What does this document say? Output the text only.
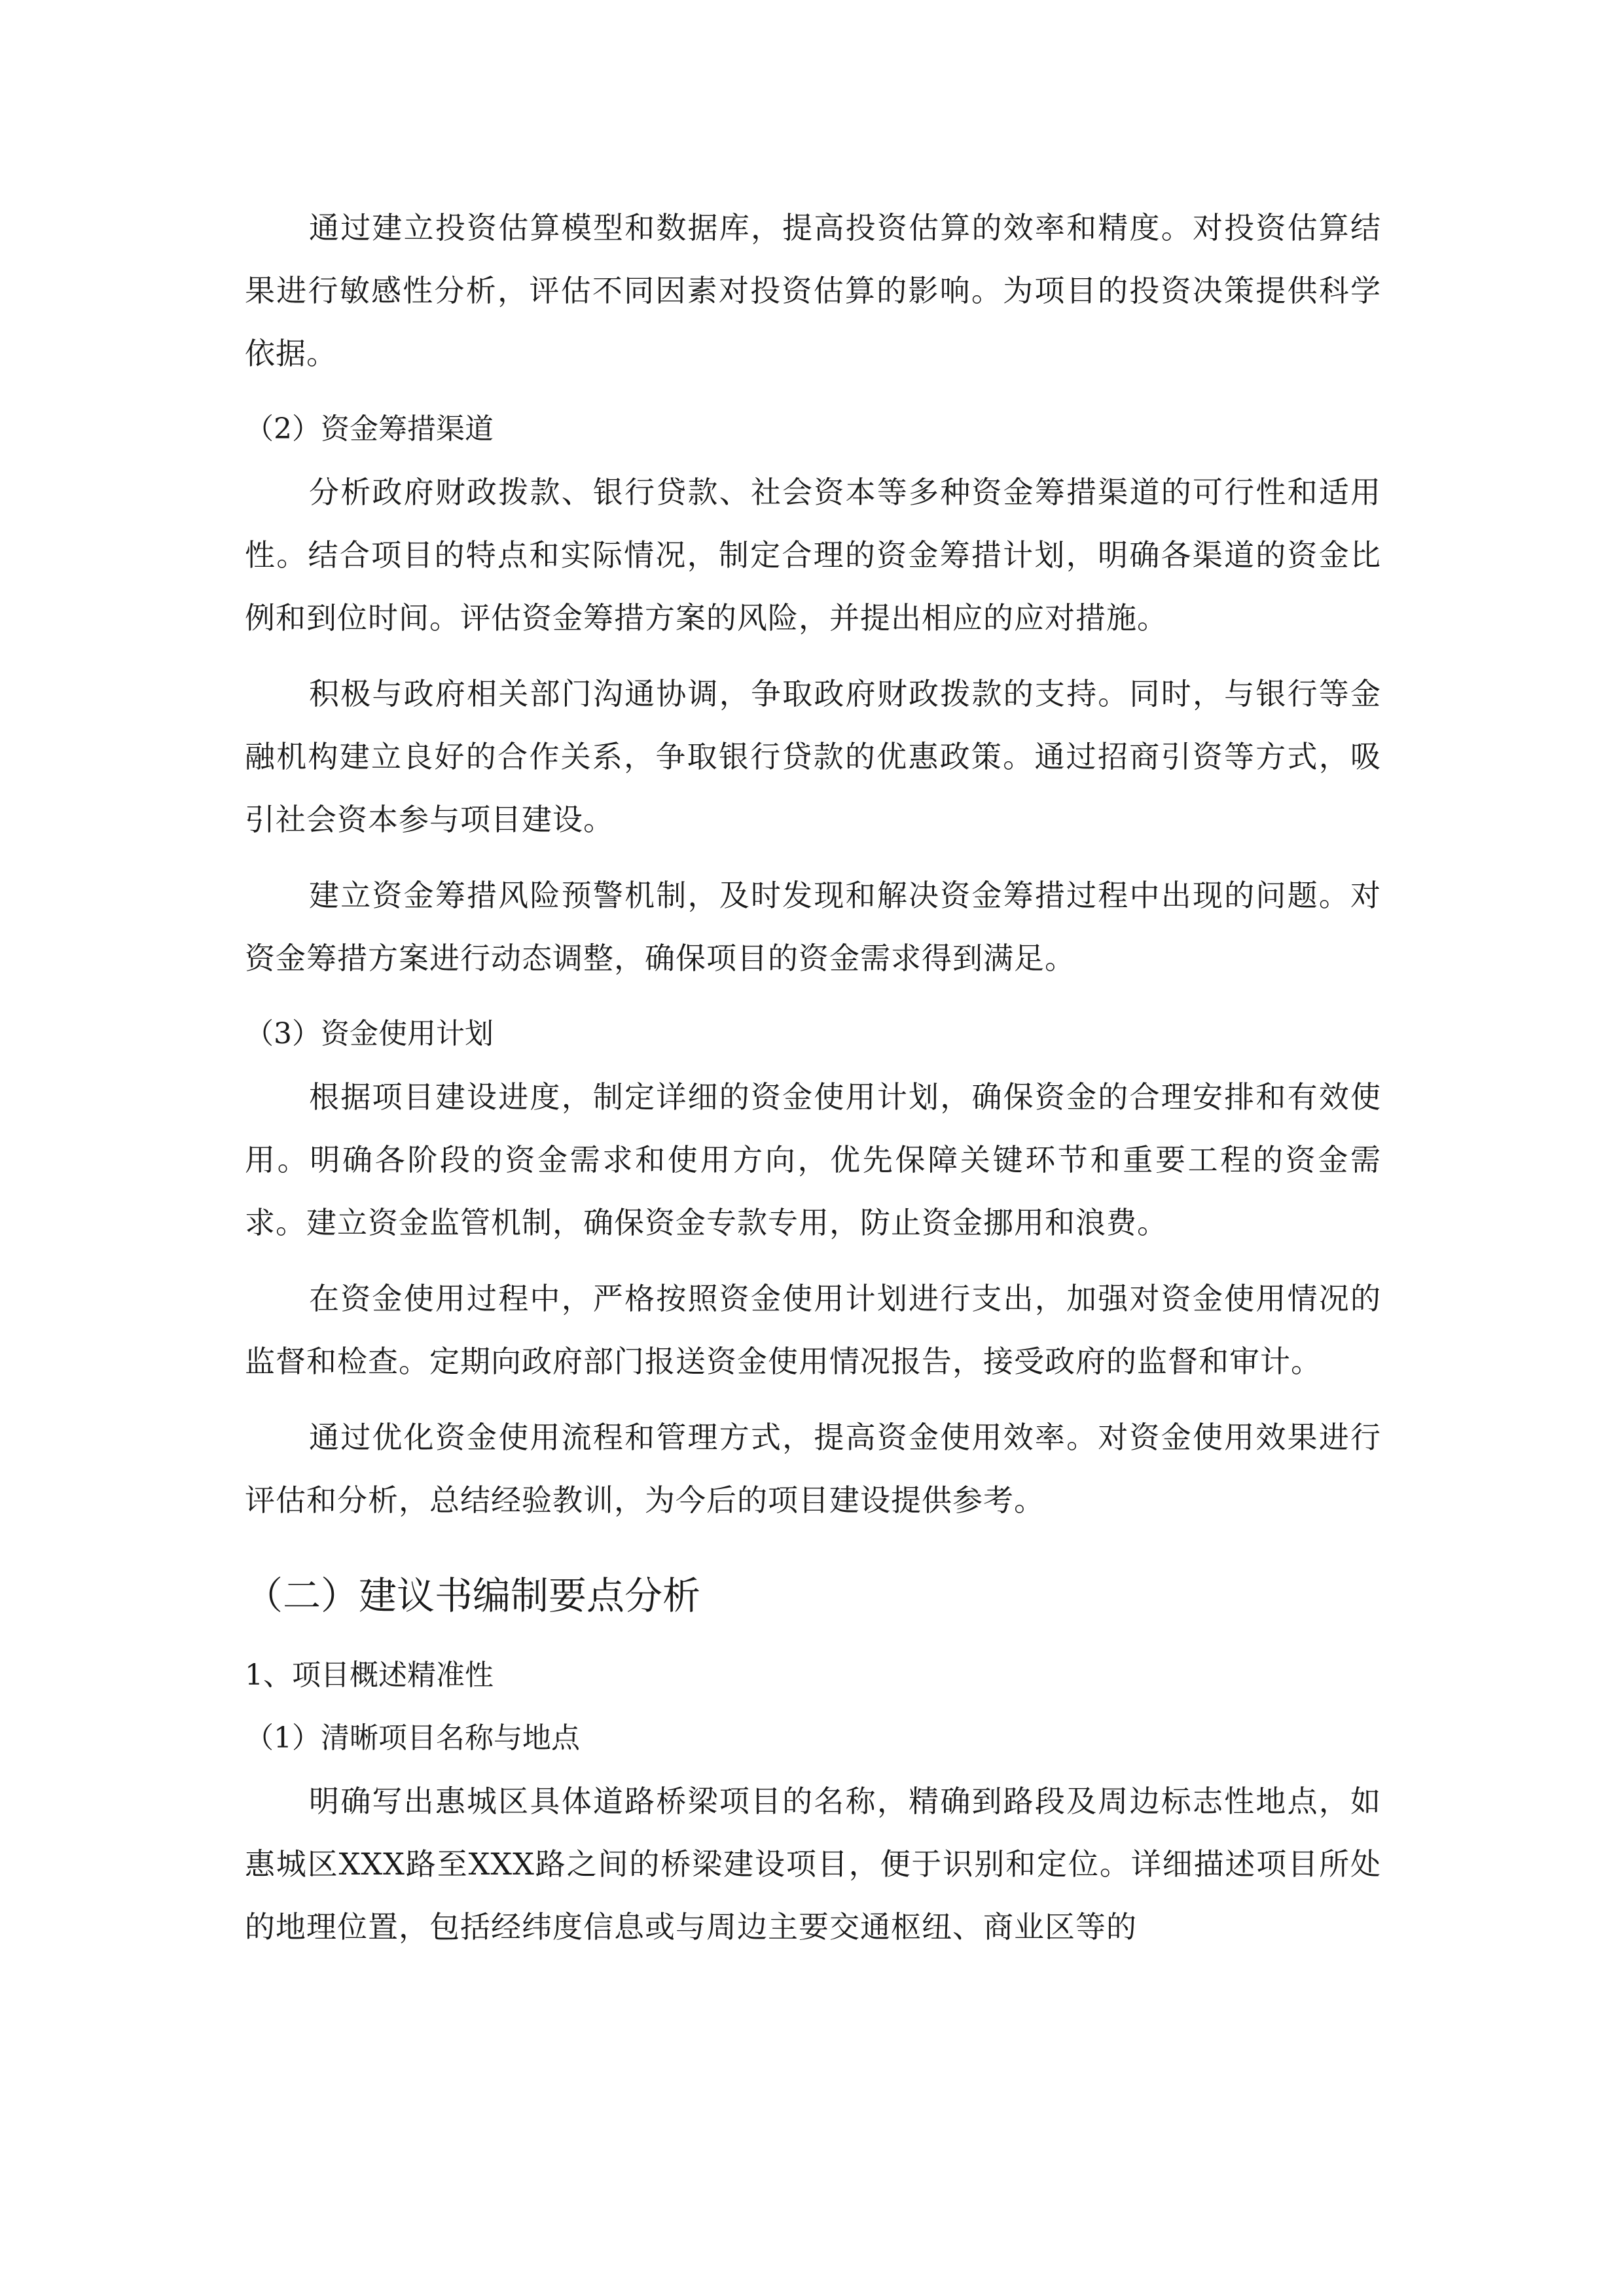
通过建立投资估算模型和数据库，提高投资估算的效率和精度。对投资估算结果进行敏感性分析，评估不同因素对投资估算的影响。为项目的投资决策提供科学依据。

（2）资金筹措渠道

分析政府财政拨款、银行贷款、社会资本等多种资金筹措渠道的可行性和适用性。结合项目的特点和实际情况，制定合理的资金筹措计划，明确各渠道的资金比例和到位时间。评估资金筹措方案的风险，并提出相应的应对措施。

积极与政府相关部门沟通协调，争取政府财政拨款的支持。同时，与银行等金融机构建立良好的合作关系，争取银行贷款的优惠政策。通过招商引资等方式，吸引社会资本参与项目建设。

建立资金筹措风险预警机制，及时发现和解决资金筹措过程中出现的问题。对资金筹措方案进行动态调整，确保项目的资金需求得到满足。

（3）资金使用计划

根据项目建设进度，制定详细的资金使用计划，确保资金的合理安排和有效使用。明确各阶段的资金需求和使用方向，优先保障关键环节和重要工程的资金需求。建立资金监管机制，确保资金专款专用，防止资金挪用和浪费。

在资金使用过程中，严格按照资金使用计划进行支出，加强对资金使用情况的监督和检查。定期向政府部门报送资金使用情况报告，接受政府的监督和审计。

通过优化资金使用流程和管理方式，提高资金使用效率。对资金使用效果进行评估和分析，总结经验教训，为今后的项目建设提供参考。

（二）建议书编制要点分析

1、项目概述精准性

（1）清晰项目名称与地点

明确写出惠城区具体道路桥梁项目的名称，精确到路段及周边标志性地点，如惠城区XXX路至XXX路之间的桥梁建设项目，便于识别和定位。详细描述项目所处的地理位置，包括经纬度信息或与周边主要交通枢纽、商业区等的
